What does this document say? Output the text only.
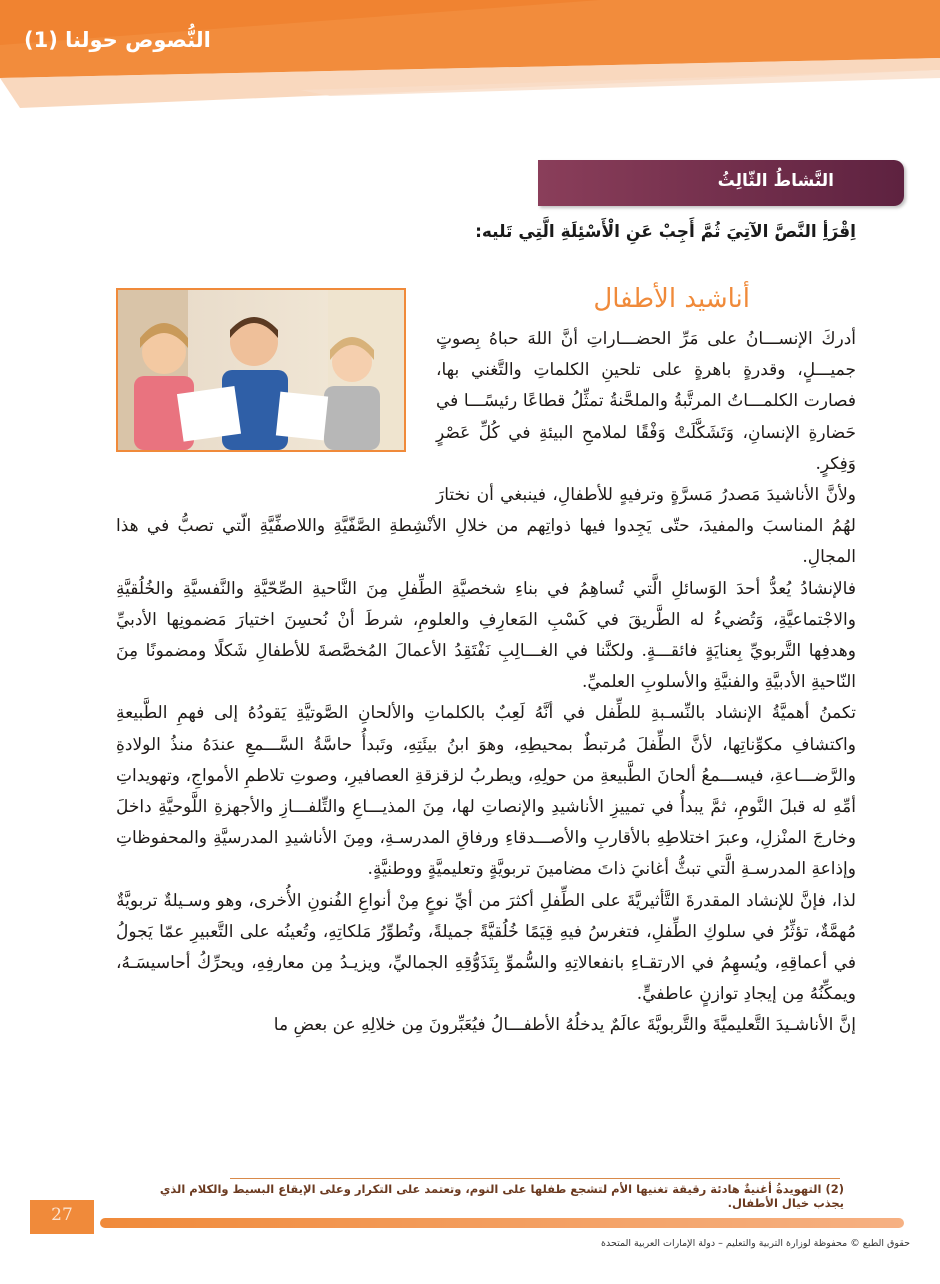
النُّصوص حولنا (1)
النَّشاطُ الثّالِثُ
اِقْرَأِ النَّصَّ الآتِيَ ثُمَّ أَجِبْ عَنِ الْأَسْئِلَةِ الَّتِي تَليه:
أناشيد الأطفال

أدركَ الإنســـانُ على مَرِّ الحضـــاراتِ أنَّ اللهَ حباهُ بِصوتٍ جميـــلٍ، وقدرةٍ باهرةٍ على تلحينِ الكلماتِ والتَّغني بها، فصارت الكلمـــاتُ المرتَّبةُ والملحَّنةُ تمثِّلُ قطاعًا رئيسًـــا في حَضارةِ الإنسانِ، وَتَشَكَّلَتْ وَفْقًا لملامحِ البيئةِ في كُلِّ عَصْرٍ وَفِكرٍ.

ولأنَّ الأناشيدَ مَصدرُ مَسرَّةٍ وترفيهٍ للأطفالِ، فينبغي أن نختارَ لهُمُ المناسبَ والمفيدَ، حتّى يَجِدوا فيها ذواتِهم من خلالِ الأنْشِطةِ الصَّفّيَّةِ واللاصفِّيَّةِ الّتي تصبُّ في هذا المجالِ.

فالإنشادُ يُعدُّ أحدَ الوَسائلِ الَّتي تُساهِمُ في بناءِ شخصيَّةِ الطِّفلِ مِنَ النَّاحيةِ الصِّحّيَّةِ والنَّفسيَّةِ والخُلُقيَّةِ والاجْتماعيَّةِ، وَتُضيءُ له الطَّريقَ في كَسْبِ المَعارِفِ والعلومِ، شرطَ أنْ نُحسِنَ اختيارَ مَضمونِها الأدبيِّ وهدفِها التَّربويِّ بِعنايَةٍ فائقـــةٍ. ولكنَّنا في الغـــالِبِ نَفْتَقِدُ الأعمالَ المُخصَّصةَ للأطفالِ شَكلًا ومضمونًا مِنَ النّاحيةِ الأدبيَّةِ والفنيَّةِ والأسلوبِ العلميِّ.

تكمنُ أهميَّةُ الإنشاد بالنِّسـبةِ للطِّفل في أنَّهُ لَعِبٌ بالكلماتِ والألحانِ الصَّوتيَّةِ يَقودُهُ إلى فهمِ الطَّبيعةِ واكتشافِ مكوِّناتِها، لأنَّ الطِّفلَ مُرتبطٌ بمحيطِهِ، وهوَ ابنُ بيئَتِهِ، وتَبدأُ حاسَّةُ السَّـــمعِ عندَهُ منذُ الولادةِ والرَّضـــاعةِ، فيســـمعُ ألحانَ الطَّبيعةِ من حولِهِ، ويطربُ لزقزقةِ العصافيرِ، وصوتِ تلاطمِ الأمواجِ، وتهويداتِ أمِّهِ له قبلَ النَّومِ، ثمَّ يبدأُ في تمييزِ الأناشيدِ والإنصاتِ لها، مِنَ المذيـــاعِ والتِّلفـــازِ والأجهزةِ اللَّوحيَّةِ داخلَ وخارجَ المنْزلِ، وعبرَ اختلاطِهِ بالأقاربِ والأصـــدقاءِ ورفاقِ المدرسـةِ، ومِنَ الأناشيدِ المدرسيَّةِ والمحفوظاتِ وإذاعةِ المدرسـةِ الَّتي تبثُّ أغانيَ ذاتَ مضامينَ تربويَّةٍ وتعليميَّةٍ ووطنيَّةٍ.

لذا، فإنَّ للإنشاد المقدرةَ التَّأثيريَّةَ على الطِّفلِ أكثرَ من أيِّ نوعٍ مِنْ أنواعِ الفُنونِ الأُخرى، وهو وسـيلةٌ تربويَّةٌ مُهمَّةٌ، تؤثِّرُ في سلوكِ الطِّفلِ، فتغرسُ فيهِ قِيَمًا خُلُقيَّةً جميلةً، وتُطوِّرُ مَلكاتِهِ، وتُعينُه على التَّعبيرِ عمّا يَجولُ في أعماقِهِ، ويُسهِمُ في الارتقـاءِ بانفعالاتِهِ والسُّموِّ بِتَذَوُّقِهِ الجماليِّ، ويزيـدُ مِن معارفِهِ، ويحرِّكُ أحاسيسَـهُ، ويمكِّنُهُ مِن إيجادِ توازنٍ عاطفيٍّ.

إنَّ الأناشـيدَ التَّعليميَّةَ والتَّربويَّةَ عالَمٌ يدخلُهُ الأطفـــالُ فيُعَبِّرونَ مِن خلالِهِ عن بعضِ ما

(2) التهويدةُ أغنيةٌ هادئة رقيقة تغنيها الأم لتشجع طفلها على النوم، وتعتمد على التكرار وعلى الإيقاع البسيط والكلام الذي يجذب خيال الأطفال.
27
حقوق الطبع © محفوظة لوزارة التربية والتعليم – دولة الإمارات العربية المتحدة
